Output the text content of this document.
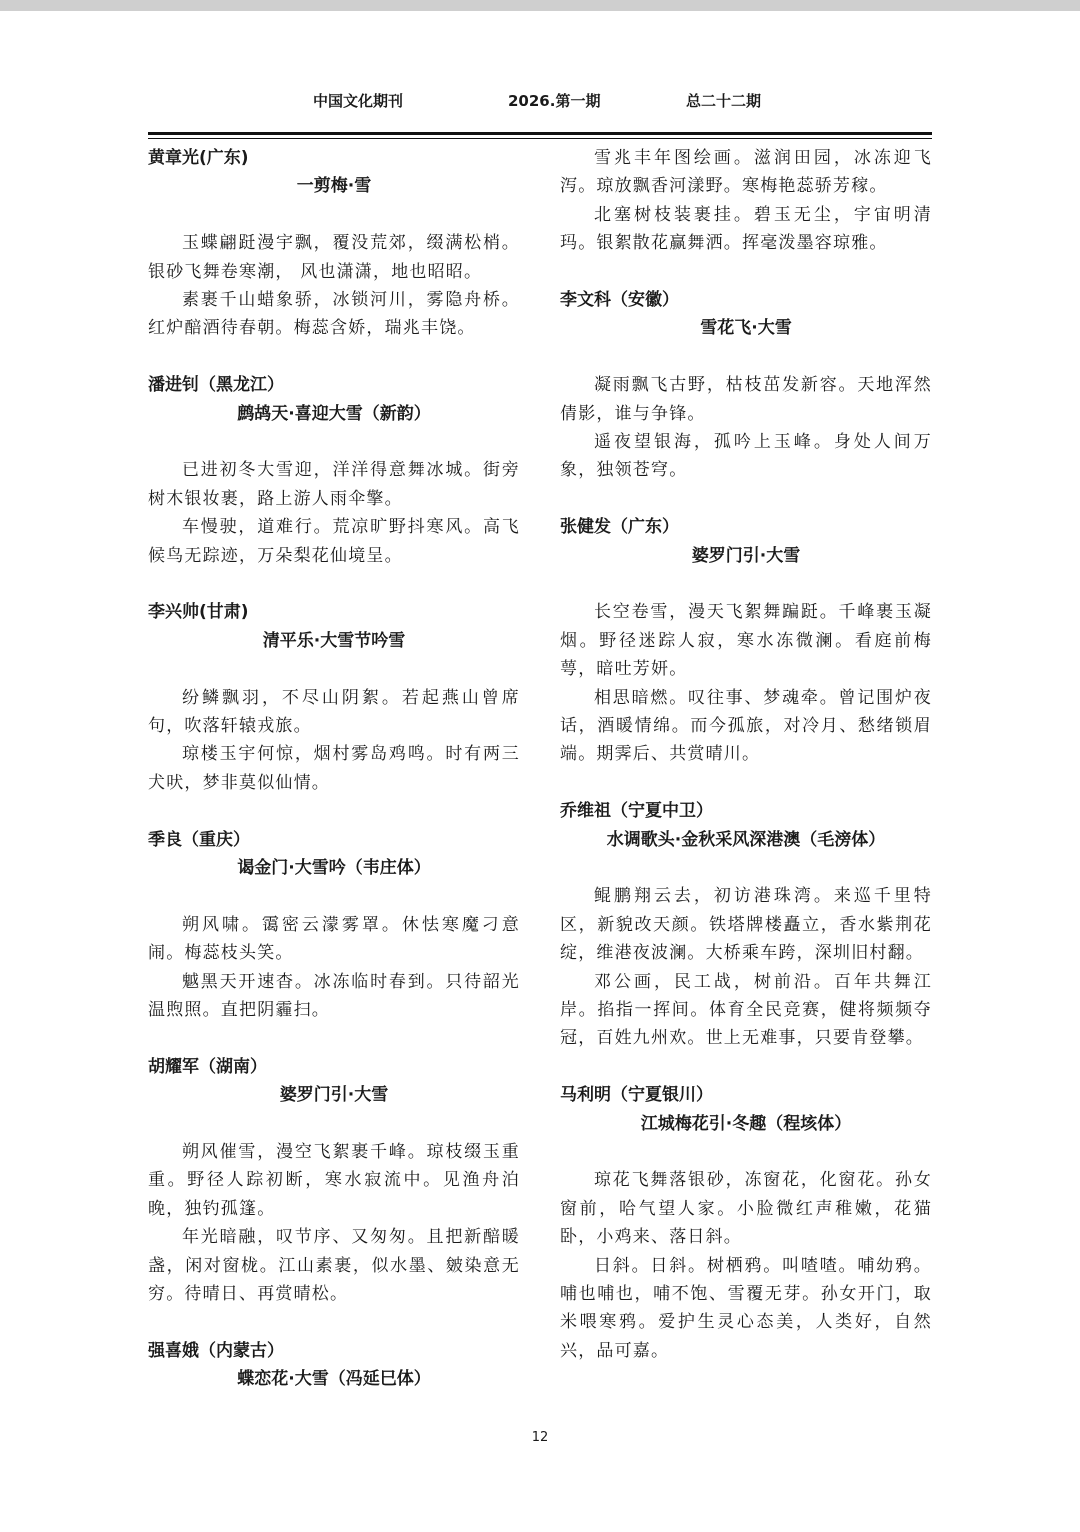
中国文化期刊	2026.第一期	总二十二期
黄章光(广东)
一剪梅·雪

玉蝶翩跹漫宇飘，覆没荒郊，缀满松梢。银砂飞舞卷寒潮， 风也潇潇，地也昭昭。

素裹千山蜡象骄，冰锁河川，雾隐舟桥。红炉醅酒待春朝。梅蕊含娇，瑞兆丰饶。

潘进钊（黑龙江）
鹧鸪天·喜迎大雪（新韵）

已进初冬大雪迎，洋洋得意舞冰城。街旁树木银妆裹，路上游人雨伞擎。

车慢驶，道难行。荒凉旷野抖寒风。高飞候鸟无踪迹，万朵梨花仙境呈。

李兴帅(甘肃)
清平乐·大雪节吟雪

纷鳞飘羽，不尽山阴絮。若起燕山曾席句，吹落轩辕戎旅。

琼楼玉宇何惊，烟村雾岛鸡鸣。时有两三犬吠，梦非莫似仙情。

季良（重庆）
谒金门·大雪吟（韦庄体）

朔风啸。霭密云濛雾罩。休怯寒魔刁意闹。梅蕊枝头笑。

魆黑天开速杳。冰冻临时春到。只待韶光温煦照。直把阴霾扫。

胡耀军（湖南）
婆罗门引·大雪

朔风催雪，漫空飞絮裹千峰。琼枝缀玉重重。野径人踪初断，寒水寂流中。见渔舟泊晚，独钓孤篷。

年光暗融，叹节序、又匆匆。且把新醅暖盏，闲对窗栊。江山素裹，似水墨、皴染意无穷。待晴日、再赏晴松。

强喜娥（内蒙古）
蝶恋花·大雪（冯延巳体）

雪兆丰年图绘画。滋润田园，冰冻迎飞泻。琼放飘香河漾野。寒梅艳蕊骄芳稼。

北塞树枝装裹挂。碧玉无尘，宇宙明清玛。银絮散花赢舞洒。挥毫泼墨容琼雅。

李文科（安徽）
雪花飞·大雪

凝雨飘飞古野，枯枝茁发新容。天地浑然倩影，谁与争锋。

遥夜望银海，孤吟上玉峰。身处人间万象，独领苍穹。

张健发（广东）
婆罗门引·大雪

长空卷雪，漫天飞絮舞蹁跹。千峰裹玉凝烟。野径迷踪人寂，寒水冻微澜。看庭前梅萼，暗吐芳妍。

相思暗燃。叹往事、梦魂牵。曾记围炉夜话，酒暖情绵。而今孤旅，对冷月、愁绪锁眉端。期霁后、共赏晴川。

乔维祖（宁夏中卫）
水调歌头·金秋采风深港澳（毛滂体）

鲲鹏翔云去，初访港珠湾。来巡千里特区，新貌改天颜。铁塔牌楼矗立，香水紫荆花绽，维港夜波澜。大桥乘车跨，深圳旧村翻。

邓公画，民工战，树前沿。百年共舞江岸。掐指一挥间。体育全民竞赛，健将频频夺冠，百姓九州欢。世上无难事，只要肯登攀。

马利明（宁夏银川）
江城梅花引·冬趣（程垓体）

琼花飞舞落银砂，冻窗花，化窗花。孙女窗前，哈气望人家。小脸微红声稚嫩，花猫卧，小鸡来、落日斜。

日斜。日斜。树栖鸦。叫喳喳。哺幼鸦。哺也哺也，哺不饱、雪覆无芽。孙女开门，取米喂寒鸦。爱护生灵心态美，人类好，自然兴，品可嘉。

12
